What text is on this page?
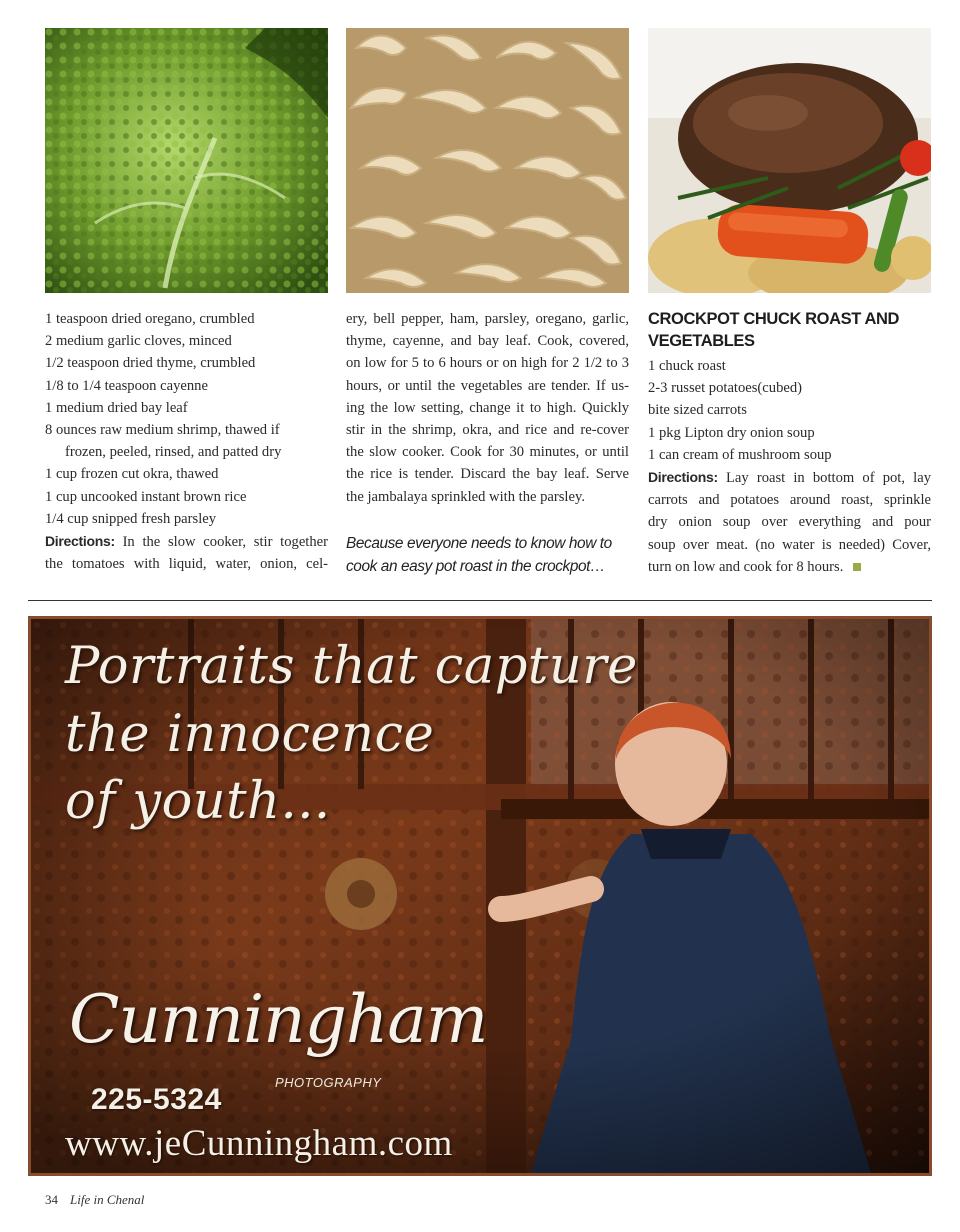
1 teaspoon dried oregano, crumbled
2 medium garlic cloves, minced
1/2 teaspoon dried thyme, crumbled
1/8 to 1/4 teaspoon cayenne
1 medium dried bay leaf
8 ounces raw medium shrimp, thawed if
frozen, peeled, rinsed, and patted dry
1 cup frozen cut okra, thawed
1 cup uncooked instant brown rice
1/4 cup snipped fresh parsley
Directions: In the slow cooker, stir together
the tomatoes with liquid, water, onion, cel-
ery, bell pepper, ham, parsley, oregano, garlic,
thyme, cayenne, and bay leaf. Cook, covered,
on low for 5 to 6 hours or on high for 2 1/2 to 3
hours, or until the vegetables are tender. If us-
ing the low setting, change it to high. Quickly
stir in the shrimp, okra, and rice and re-cover
the slow cooker. Cook for 30 minutes, or until
the rice is tender. Discard the bay leaf. Serve
the jambalaya sprinkled with the parsley.
Because everyone needs to know how to
cook an easy pot roast in the crockpot…
CROCKPOT CHUCK ROAST AND
VEGETABLES
1 chuck roast
2-3 russet potatoes(cubed)
bite sized carrots
1 pkg Lipton dry onion soup
1 can cream of mushroom soup
Directions: Lay roast in bottom of pot, lay
carrots and potatoes around roast, sprinkle
dry onion soup over everything and pour
soup over meat. (no water is needed) Cover,
turn on low and cook for 8 hours.
Portraits that capture
the innocence
of youth...
Cunningham
PHOTOGRAPHY
225-5324
www.jeCunningham.com
34 Life in Chenal
